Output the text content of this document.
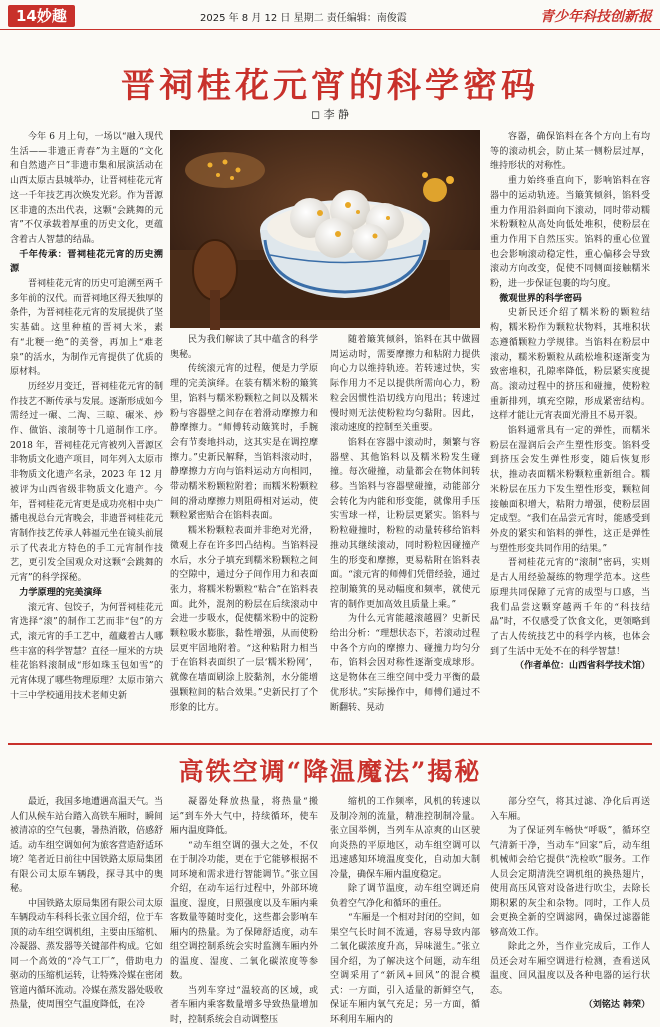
14妙趣	2025 年 8 月 12 日 星期二 责任编辑：南俊霞	青少年科技创新报
晋祠桂花元宵的科学密码
◻ 李 静

今年 6 月上旬，一场以“融入现代生活——非遗正青春”为主题的“文化和自然遗产日”非遗市集和展演活动在山西太原古县城举办，让晋祠桂花元宵这一千年技艺再次焕发光彩。作为晋源区非遗的杰出代表，这颗“会跳舞的元宵”不仅承载着厚重的历史文化，更蕴含着古人智慧的结晶。

千年传承：晋祠桂花元宵的历史溯源

晋祠桂花元宵的历史可追溯至两千多年前的汉代。而晋祠地区得天独厚的条件，为晋祠桂花元宵的发展提供了坚实基础。这里种植的晋祠大米，素有“北粳一绝”的美誉，再加上“难老泉”的活水，为制作元宵提供了优质的原材料。

历经岁月变迁，晋祠桂花元宵的制作技艺不断传承与发展。逐渐形成如今需经过一碾、二淘、三晾、碾米、炒作、做馅、滚制等十几道制作工序。2018 年，晋祠桂花元宵被列入晋源区非物质文化遗产项目，同年列入太原市非物质文化遗产名录，2023 年 12 月被评为山西省级非物质文化遗产。今年，晋祠桂花元宵更是成功亮相中央广播电视总台元宵晚会，非遗晋祠桂花元宵制作技艺传承人韩福元坐在镜头前展示了代表北方特色的手工元宵制作技艺，更引发全国观众对这颗“会跳舞的元宵”的科学探秘。

力学原理的完美演绎

滚元宵、包饺子，为何晋祠桂花元宵选择“滚”的制作工艺而非“包”的方式，滚元宵的手工艺中，蕴藏着古人哪些丰富的科学智慧？直径一厘米的方块桂花馅料滚制成“形如珠玉包如雪”的元宵体现了哪些物理原理？太原市第六十三中学校通用技术老师史新

民为我们解读了其中蕴含的科学奥秘。

传统滚元宵的过程，便是力学原理的完美演绎。在装有糯米粉的簸箕里，馅料与糯米粉颗粒之间以及糯米粉与容器壁之间存在着滑动摩擦力和静摩擦力。“师傅转动簸箕时，手腕会有节奏地抖动，这其实是在调控摩擦力。”史新民解释，当馅料滚动时，静摩擦力方向与馅料运动方向相同，带动糯米粉颗粒附着；而糯米粉颗粒间的滑动摩擦力则阻碍相对运动，使颗粒紧密贴合在馅料表面。

糯米粉颗粒表面并非绝对光滑，微观上存在许多凹凸结构。当馅料浸水后，水分子填充到糯米粉颗粒之间的空隙中，通过分子间作用力和表面张力，将糯米粉颗粒“粘合”在馅料表面。此外，混剂的粉层在后续滚动中会进一步吸水，促使糯米粉中的淀粉颗粒吸水膨胀，黏性增强，从而使粉层更牢固地附着。“这种粘附力相当于在馅料表面织了一层‘糯米粉网’，就像在墙面刷涂上胶黏剂，水分能增强颗粒间的粘合效果。”史新民打了个形象的比方。

随着簸箕倾斜，馅料在其中做圆周运动时，需要摩擦力和粘附力提供向心力以维持轨迹。若转速过快，实际作用力不足以提供所需向心力，粉粒会因惯性沿切线方向甩出；转速过慢时则无法使粉粒均匀黏附。因此，滚动速度的控制至关重要。

馅料在容器中滚动时，频繁与容器壁、其他馅料以及糯米粉发生碰撞。每次碰撞，动量都会在物体间转移。当馅料与容器壁碰撞，动能部分会转化为内能和形变能，就像用手压实雪球一样，让粉层更紧实。馅料与粉粒碰撞时，粉粒的动量转移给馅料推动其继续滚动，同时粉粒因碰撞产生的形变和摩擦，更易粘附在馅料表面。“滚元宵的师傅们凭借经验，通过控制簸箕的晃动幅度和频率，就使元宵的制作更加高效且质量上乘。”

为什么元宵能越滚越圆？史新民给出分析：“理想状态下，若滚动过程中各个方向的摩擦力、碰撞力均匀分布，馅料会因对称性逐渐变成球形。这是物体在三维空间中受力平衡的最优形状。”实际操作中，师傅们通过不断翻转、晃动

容器，确保馅料在各个方向上有均等的滚动机会，防止某一侧粉层过厚，维持形状的对称性。

重力始终垂直向下，影响馅料在容器中的运动轨迹。当簸箕倾斜，馅料受重力作用沿斜面向下滚动，同时带动糯米粉颗粒从高处向低处堆积，使粉层在重力作用下自然压实。馅料的重心位置也会影响滚动稳定性，重心偏移会导致滚动方向改变，促使不同侧面接触糯米粉，进一步保证包裹的均匀度。

微观世界的科学密码

史新民还介绍了糯米粉的颗粒结构，糯米粉作为颗粒状物料，其堆积状态遵循颗粒力学规律。当馅料在粉层中滚动，糯米粉颗粒从疏松堆积逐渐变为致密堆积，孔隙率降低，粉层紧实度提高。滚动过程中的挤压和碰撞，使粉粒重新排列，填充空隙，形成紧密结构。这样才能让元宵表面光滑且不易开裂。

馅料通常具有一定的弹性，而糯米粉层在湿润后会产生塑性形变。馅料受到挤压会发生弹性形变，随后恢复形状，推动表面糯米粉颗粒重新组合。糯米粉层在压力下发生塑性形变，颗粒间接触面积增大，粘附力增强，使粉层固定成型。“我们在品尝元宵时，能感受到外皮的紧实和馅料的弹性，这正是弹性与塑性形变共同作用的结果。”

晋祠桂花元宵的“滚制”密码，实则是古人用经验凝练的物理学范本。这些原理共同保障了元宵的成型与口感，当我们品尝这颗穿越两千年的“科技结晶”时，不仅感受了饮食文化，更领略到了古人传统技艺中的科学内核，也体会到了生活中无处不在的科学智慧！

（作者单位：山西省科学技术馆）

高铁空调“降温魔法”揭秘

最近，我国多地遭遇高温天气。当人们从候车站台踏入高铁车厢时，瞬间被清凉的空气包裹，暑热消散，倍感舒适。动车组空调如何为旅客营造舒适环境？笔者近日前往中国铁路太原局集团有限公司太原车辆段，探寻其中的奥秘。

中国铁路太原局集团有限公司太原车辆段动车科科长张立国介绍，位于车顶的动车组空调机组，主要由压缩机、冷凝器、蒸发器等关键部件构成。它如同一个高效的“冷气工厂”，借助电力驱动的压缩机运转，让特殊冷媒在密闭管道内循环流动。冷媒在蒸发器处吸收热量，使周围空气温度降低，在冷

凝器处释放热量，将热量“搬运”到车外大气中，持续循环，使车厢内温度降低。

“动车组空调的强大之处，不仅在于制冷功能，更在于它能够根据不同环境和需求进行智能调节。”张立国介绍，在动车运行过程中，外部环境温度、湿度，日照强度以及车厢内乘客数量等随时变化，这些都会影响车厢内的热量。为了保障舒适度，动车组空调控制系统会实时监测车厢内外的温度、湿度、二氧化碳浓度等参数。

当列车穿过“温较高的区域，或者车厢内乘客数量增多导致热量增加时，控制系统会自动调整压

缩机的工作频率，风机的转速以及制冷剂的流量，精准控制制冷量。张立国举例，当列车从凉爽的山区驶向炎热的平原地区，动车组空调可以迅速感知环境温度变化，自动加大制冷量，确保车厢内温度稳定。

除了调节温度，动车组空调还肩负着空气净化和循环的重任。

“车厢是一个相对封闭的空间，如果空气长时间不流通，容易导致内部二氧化碳浓度升高，异味滋生。”张立国介绍，为了解决这个问题，动车组空调采用了“新风+回风”的混合模式：一方面，引入适量的新鲜空气，保证车厢内氧气充足；另一方面，循环利用车厢内的

部分空气，将其过滤、净化后再送入车厢。

为了保证列车畅快“呼吸”，循环空气清新干净，当动车“回家”后，动车组机械师会给它提供“洗检吹”服务。工作人员会定期清洗空调机组的换热翅片，使用高压风管对设备进行吹尘，去除长期积累的灰尘和杂物。同时，工作人员会更换全新的空调滤网，确保过滤器能够高效工作。

除此之外，当作业完成后，工作人员还会对车厢空调进行检测，查看送风温度、回风温度以及各种电器的运行状态。

（刘铭达 韩荣）
